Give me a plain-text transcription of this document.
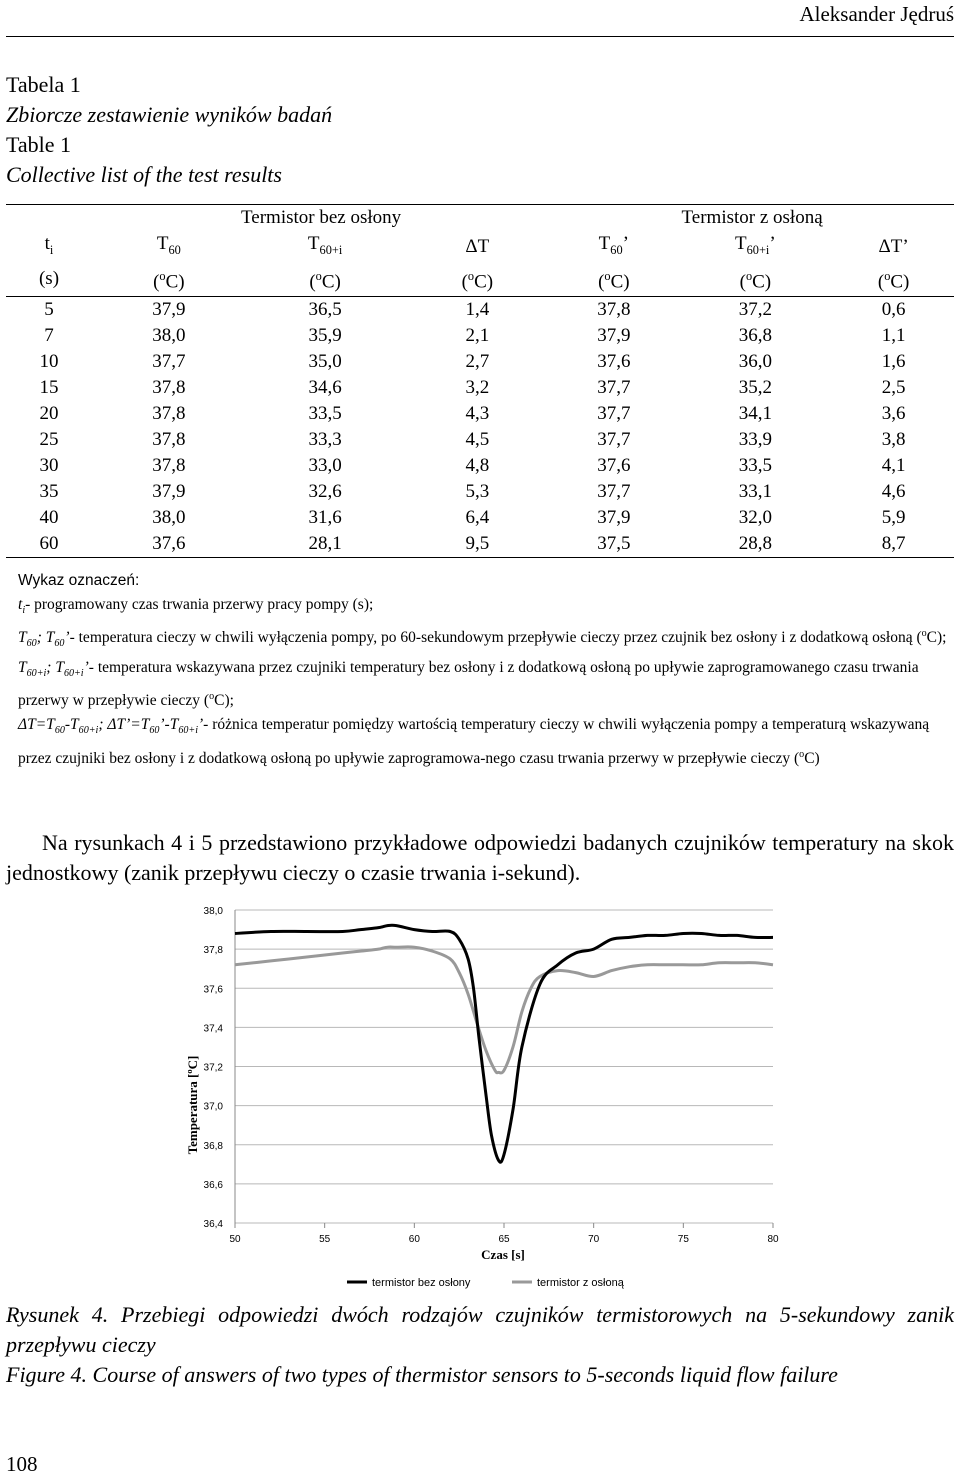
Aleksander Jędruś
Tabela 1
Zbiorcze zestawienie wyników badań
Table 1
Collective list of the test results
	Termistor bez osłony			Termistor z osłoną		
$t_i$	$T_{60}$	$T_{60+i}$	ΔT	$T_{60}$’	$T_{60+i}$’	ΔT’
(s)	($^o$C)	($^o$C)	($^o$C)	($^o$C)	($^o$C)	($^o$C)
5	37,9	36,5	1,4	37,8	37,2	0,6
7	38,0	35,9	2,1	37,9	36,8	1,1
10	37,7	35,0	2,7	37,6	36,0	1,6
15	37,8	34,6	3,2	37,7	35,2	2,5
20	37,8	33,5	4,3	37,7	34,1	3,6
25	37,8	33,3	4,5	37,7	33,9	3,8
30	37,8	33,0	4,8	37,6	33,5	4,1
35	37,9	32,6	5,3	37,7	33,1	4,6
40	38,0	31,6	6,4	37,9	32,0	5,9
60	37,6	28,1	9,5	37,5	28,8	8,7
Wykaz oznaczeń:
$t_i-$ programowany czas trwania przerwy pracy pompy (s);
$T_{60}$; $T_{60}’-$ temperatura cieczy w chwili wyłączenia pompy, po 60-sekundowym przepływie cieczy przez czujnik bez osłony i z dodatkową osłoną ($^o$C);
$T_{60+i}$; $T_{60+i}’-$ temperatura wskazywana przez czujniki temperatury bez osłony i z dodatkową osłoną po upływie zaprogramowanego czasu trwania przerwy w przepływie cieczy ($^o$C);
$\Delta T=T_{60}-T_{60+i}$; $\Delta T’=T_{60}’-T_{60+i}’-$ różnica temperatur pomiędzy wartością temperatury cieczy w chwili wyłączenia pompy a temperaturą wskazywaną przez czujniki bez osłony i z dodatkową osłoną po upływie zaprogramowa-nego czasu trwania przerwy w przepływie cieczy ($^o$C)

Na rysunkach 4 i 5 przedstawiono przykładowe odpowiedzi badanych czujników temperatury na skok jednostkowy (zanik przepływu cieczy o czasie trwania i-sekund).

38,0
37,8
37,6
37,4
37,2
37,0
36,8
36,6
36,4
50	55	60	65	70	75	80
Temperatura [ºC]
Czas [s]
termistor bez osłony	termistor z osłoną

Rysunek 4. Przebiegi odpowiedzi dwóch rodzajów czujników termistorowych na 5-sekundowy zanik przepływu cieczy

Figure 4. Course of answers of two types of thermistor sensors to 5-seconds liquid flow failure

108
